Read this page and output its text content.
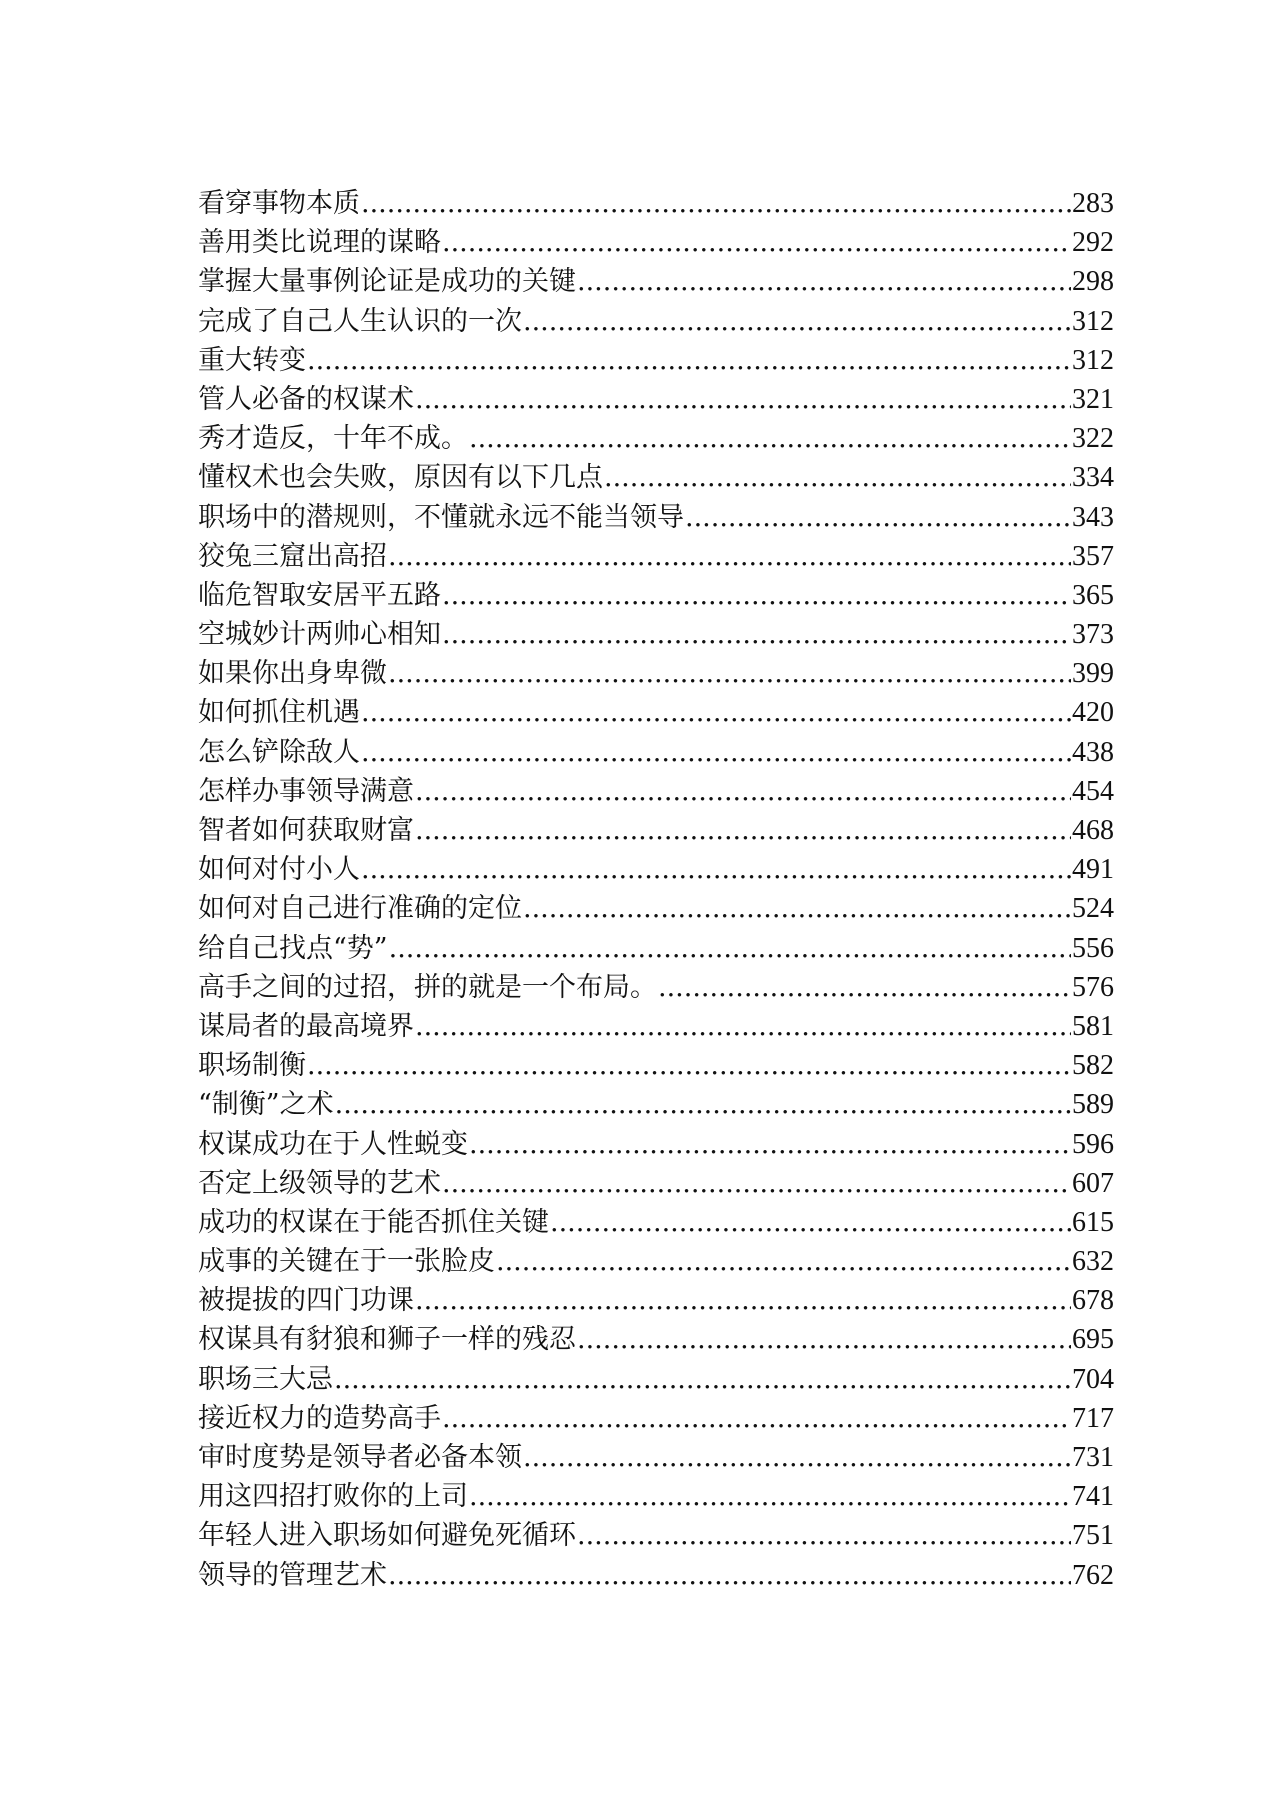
看穿事物本质 .....	283
善用类比说理的谋略 .....	292
掌握大量事例论证是成功的关键 .....	298
完成了自己人生认识的一次 .....	312
重大转变 .....	312
管人必备的权谋术 .....	321
秀才造反，十年不成。 .....	322
懂权术也会失败，原因有以下几点 .....	334
职场中的潜规则，不懂就永远不能当领导 .....	343
狡兔三窟出高招 .....	357
临危智取安居平五路 .....	365
空城妙计两帅心相知 .....	373
如果你出身卑微 .....	399
如何抓住机遇 .....	420
怎么铲除敌人 .....	438
怎样办事领导满意 .....	454
智者如何获取财富 .....	468
如何对付小人 .....	491
如何对自己进行准确的定位 .....	524
给自己找点“势” .....	556
高手之间的过招，拼的就是一个布局。 .....	576
谋局者的最高境界 .....	581
职场制衡 .....	582
“制衡”之术 .....	589
权谋成功在于人性蜕变 .....	596
否定上级领导的艺术 .....	607
成功的权谋在于能否抓住关键 .....	615
成事的关键在于一张脸皮 .....	632
被提拔的四门功课 .....	678
权谋具有豺狼和狮子一样的残忍 .....	695
职场三大忌 .....	704
接近权力的造势高手 .....	717
审时度势是领导者必备本领 .....	731
用这四招打败你的上司 .....	741
年轻人进入职场如何避免死循环 .....	751
领导的管理艺术 .....	762
